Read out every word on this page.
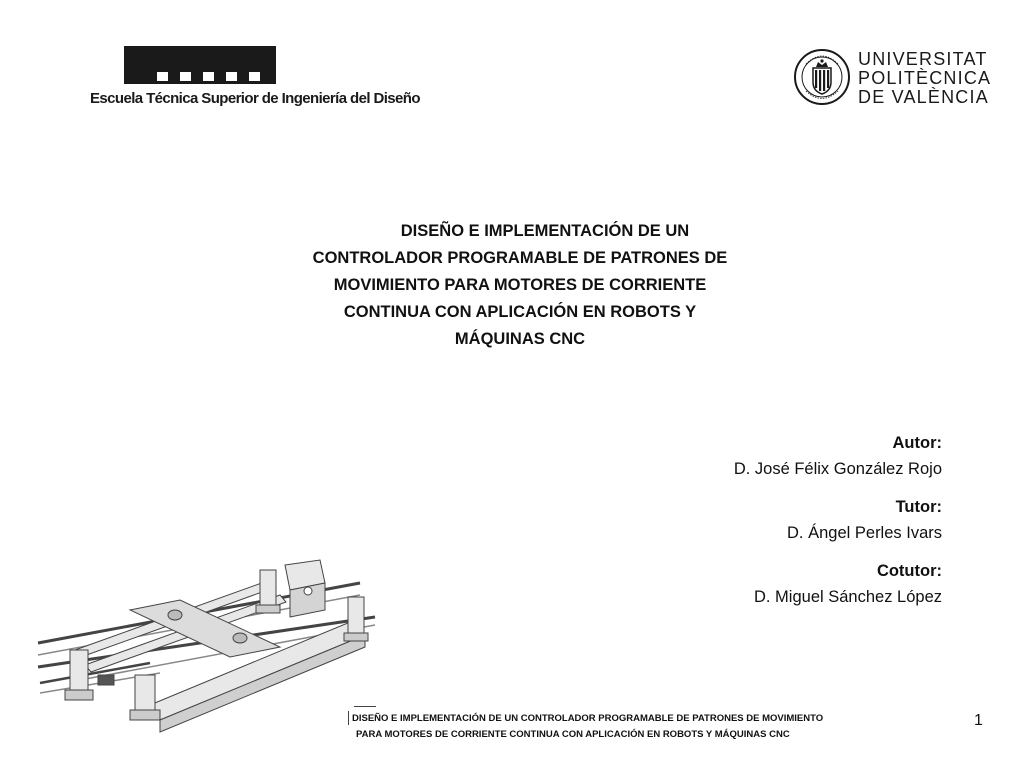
Escuela Técnica Superior de Ingeniería del Diseño
UNIVERSITAT
POLITÈCNICA
DE VALÈNCIA
DISEÑO E IMPLEMENTACIÓN DE UN
CONTROLADOR PROGRAMABLE DE PATRONES DE
MOVIMIENTO PARA MOTORES DE CORRIENTE
CONTINUA CON APLICACIÓN EN ROBOTS Y
MÁQUINAS CNC
Autor:
D. José Félix González Rojo
Tutor:
D. Ángel Perles Ivars
Cotutor:
D. Miguel Sánchez López
DISEÑO E IMPLEMENTACIÓN DE UN CONTROLADOR PROGRAMABLE DE PATRONES DE MOVIMIENTO
PARA MOTORES DE CORRIENTE CONTINUA CON APLICACIÓN EN ROBOTS Y MÁQUINAS CNC
1
